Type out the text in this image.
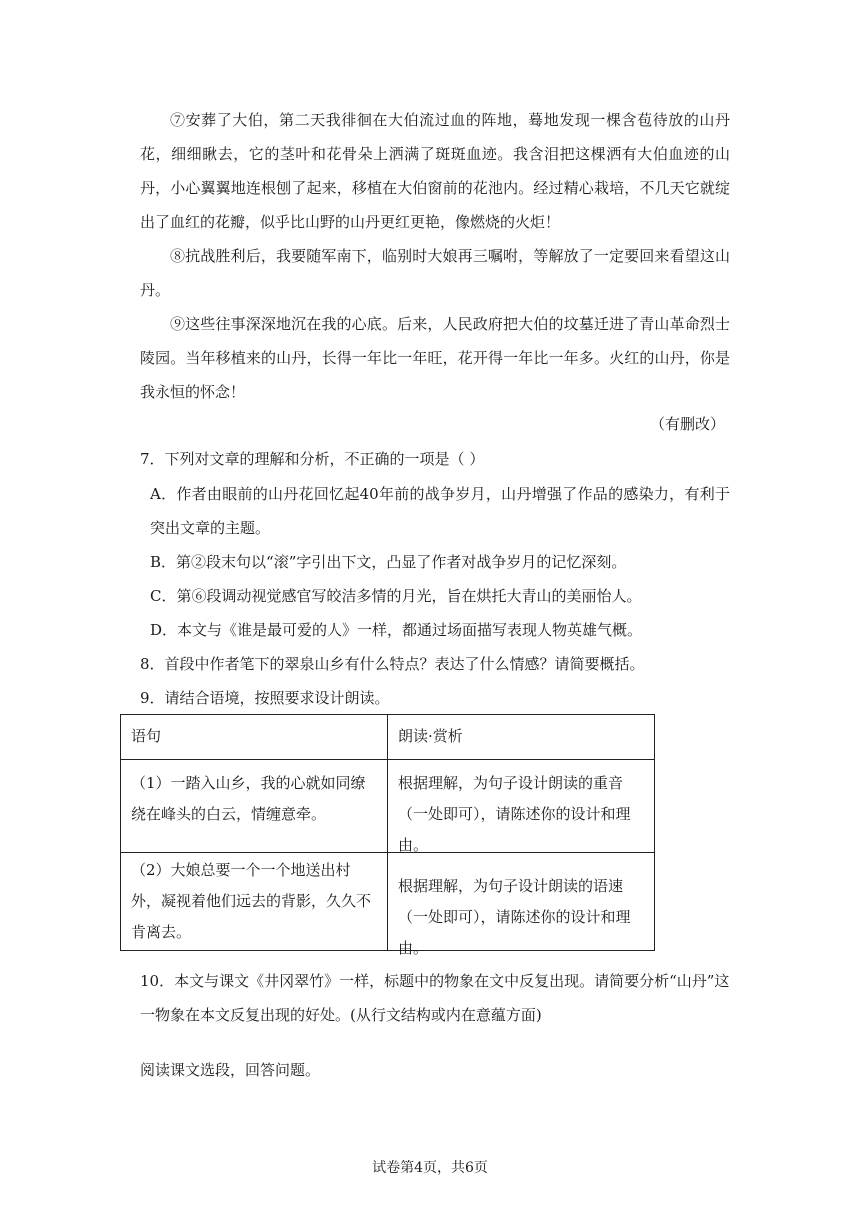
⑦安葬了大伯，第二天我徘徊在大伯流过血的阵地，蓦地发现一棵含苞待放的山丹花，细细瞅去，它的茎叶和花骨朵上洒满了斑斑血迹。我含泪把这棵洒有大伯血迹的山丹，小心翼翼地连根刨了起来，移植在大伯窗前的花池内。经过精心栽培，不几天它就绽出了血红的花瓣，似乎比山野的山丹更红更艳，像燃烧的火炬！

⑧抗战胜利后，我要随军南下，临别时大娘再三嘱咐，等解放了一定要回来看望这山丹。

⑨这些往事深深地沉在我的心底。后来，人民政府把大伯的坟墓迁进了青山革命烈士陵园。当年移植来的山丹，长得一年比一年旺，花开得一年比一年多。火红的山丹，你是我永恒的怀念！

（有删改）

7．下列对文章的理解和分析，不正确的一项是（ ）

A．作者由眼前的山丹花回忆起40年前的战争岁月，山丹增强了作品的感染力，有利于突出文章的主题。

B．第②段末句以“滚”字引出下文，凸显了作者对战争岁月的记忆深刻。

C．第⑥段调动视觉感官写皎洁多情的月光，旨在烘托大青山的美丽怡人。

D．本文与《谁是最可爱的人》一样，都通过场面描写表现人物英雄气概。

8．首段中作者笔下的翠泉山乡有什么特点？表达了什么情感？请简要概括。

9．请结合语境，按照要求设计朗读。

语句	朗读·赏析
（1）一踏入山乡，我的心就如同缭绕在峰头的白云，情缠意牵。
根据理解，为句子设计朗读的重音（一处即可），请陈述你的设计和理由。
（2）大娘总要一个一个地送出村外，凝视着他们远去的背影，久久不肯离去。
根据理解，为句子设计朗读的语速（一处即可），请陈述你的设计和理由。

10．本文与课文《井冈翠竹》一样，标题中的物象在文中反复出现。请简要分析“山丹”这一物象在本文反复出现的好处。(从行文结构或内在意蕴方面)

阅读课文选段，回答问题。

试卷第4页，共6页
